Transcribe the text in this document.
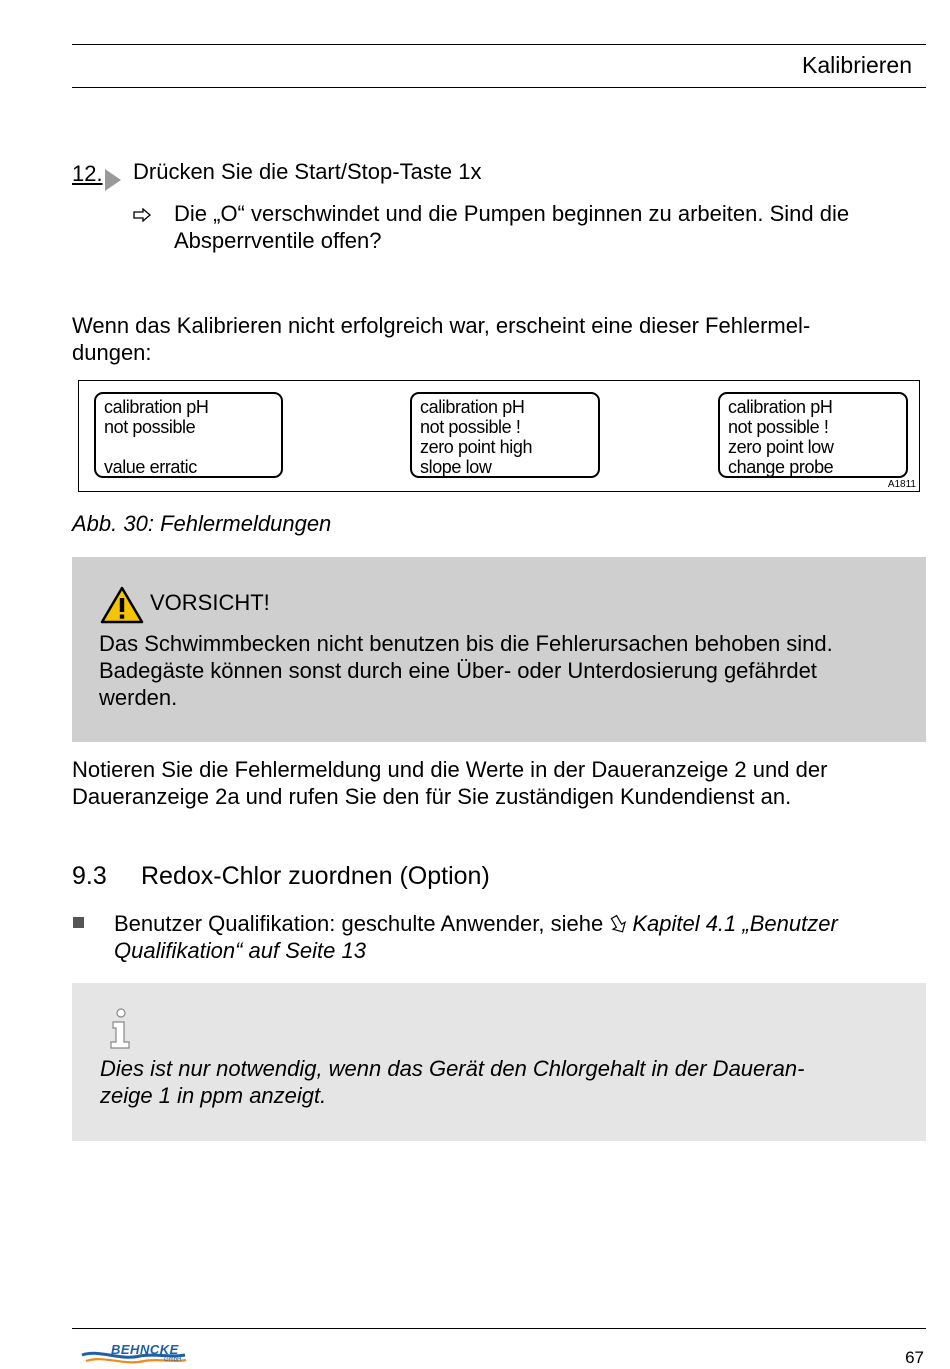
Kalibrieren
12. Drücken Sie die Start/Stop-Taste 1x
Die „O“ verschwindet und die Pumpen beginnen zu arbeiten. Sind die
Absperrventile offen?
Wenn das Kalibrieren nicht erfolgreich war, erscheint eine dieser Fehlermel-
dungen:
calibration pH
not possible
value erratic
calibration pH
not possible !
zero point high
slope low
calibration pH
not possible !
zero point low
change probe
A1811
Abb. 30: Fehlermeldungen
VORSICHT!
Das Schwimmbecken nicht benutzen bis die Fehlerursachen behoben sind.
Badegäste können sonst durch eine Über- oder Unterdosierung gefährdet
werden.
Notieren Sie die Fehlermeldung und die Werte in der Daueranzeige 2 und der
Daueranzeige 2a und rufen Sie den für Sie zuständigen Kundendienst an.
9.3 Redox-Chlor zuordnen (Option)
Benutzer Qualifikation: geschulte Anwender, siehe Kapitel 4.1 „Benutzer
Qualifikation“ auf Seite 13
Dies ist nur notwendig, wenn das Gerät den Chlorgehalt in der Daueran-
zeige 1 in ppm anzeigt.
BEHNCKE
GmbH	67
